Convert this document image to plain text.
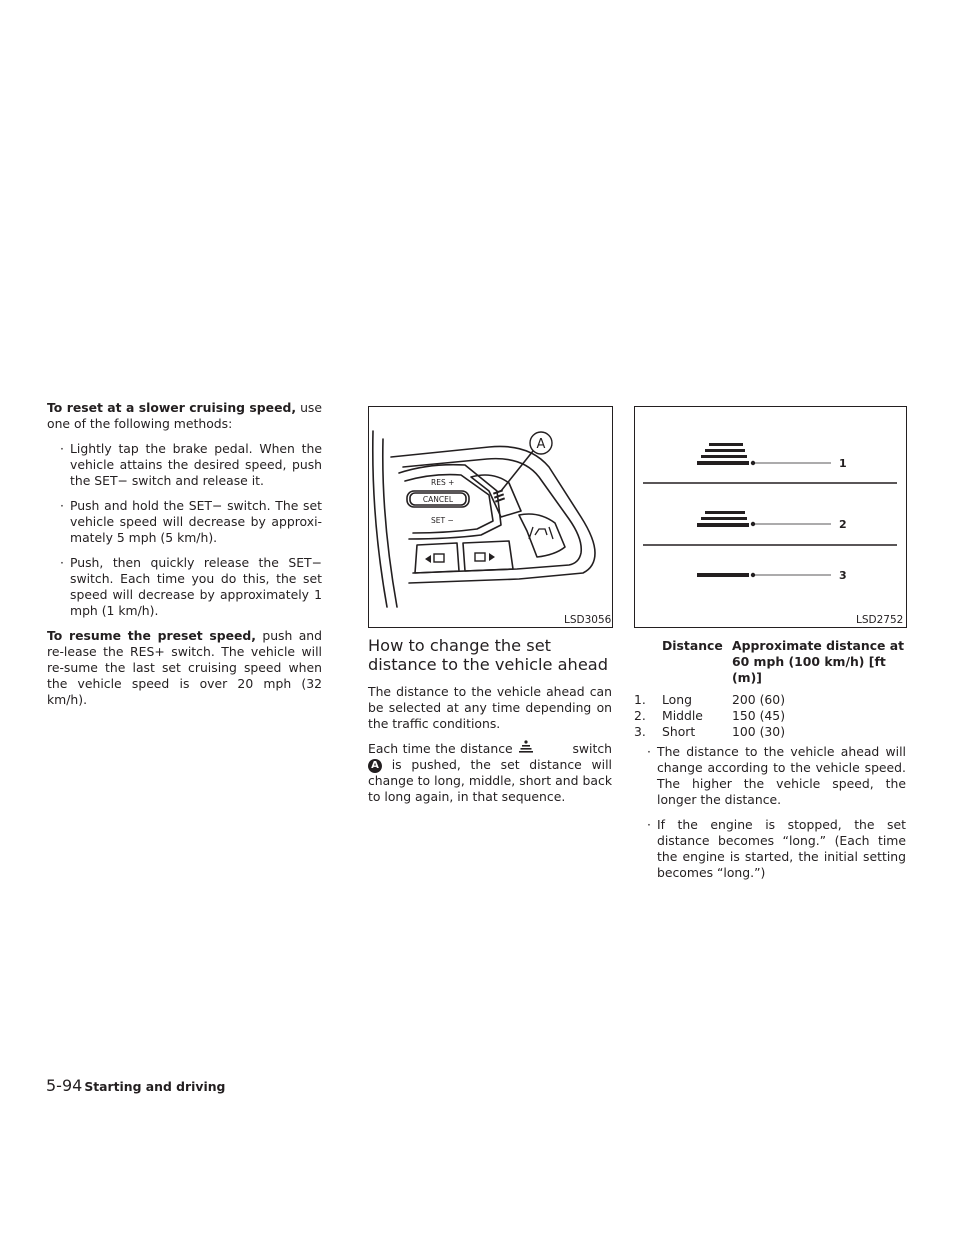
To reset at a slower cruising speed, use one of the following methods:

· Lightly tap the brake pedal. When the vehicle attains the desired speed, push the SET− switch and release it.
· Push and hold the SET− switch. The set vehicle speed will decrease by approxi-mately 5 mph (5 km/h).
· Push, then quickly release the SET− switch. Each time you do this, the set speed will decrease by approximately 1 mph (1 km/h).

To resume the preset speed, push and re-lease the RES+ switch. The vehicle will re-sume the last set cruising speed when the vehicle speed is over 20 mph (32 km/h).

A
RES +
CANCEL
SET −
LSD3056
1
2
3
LSD2752
How to change the set distance to the vehicle ahead

The distance to the vehicle ahead can be selected at any time depending on the traffic conditions.

Each time the distance	switch A is pushed, the set distance will change to long, middle, short and back to long again, in that sequence.

	Distance	Approximate distance at 60 mph (100 km/h) [ft (m)]

1.	Long	200 (60)
2.	Middle	150 (45)
3.	Short	100 (30)
· The distance to the vehicle ahead will change according to the vehicle speed. The higher the vehicle speed, the longer the distance.
· If the engine is stopped, the set distance becomes “long.” (Each time the engine is started, the initial setting becomes “long.”)
5-94 Starting and driving
